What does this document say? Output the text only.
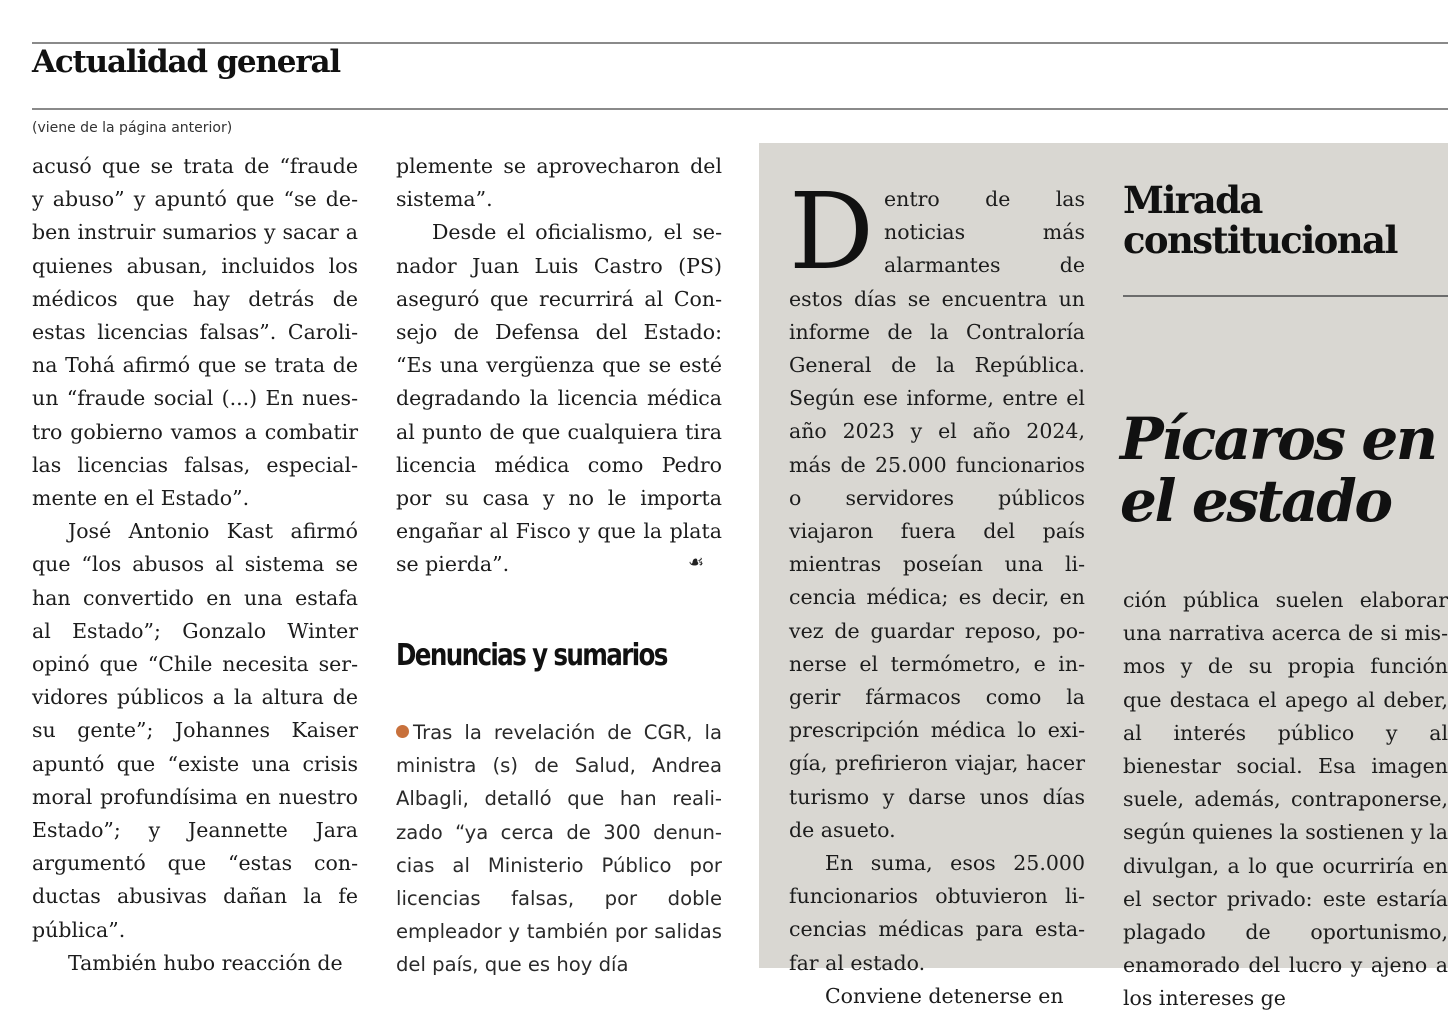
Actualidad general
(viene de la página anterior)

acusó que se trata de “fraude y abuso” y apuntó que “se deben instruir sumarios y sacar a quienes abusan, incluidos los médicos que hay detrás de estas licencias falsas”. Carolina Tohá afirmó que se trata de un “fraude social (...) En nuestro gobierno vamos a combatir las licencias falsas, especialmente en el Estado”.

José Antonio Kast afirmó que “los abusos al sistema se han convertido en una estafa al Estado”; Gonzalo Winter opinó que “Chile necesita servidores públicos a la altura de su gente”; Johannes Kaiser apuntó que “existe una crisis moral profundísima en nuestro Estado”; y Jeannette Jara argumentó que “estas conductas abusivas dañan la fe pública”.

También hubo reacción de

plemente se aprovecharon del sistema”.

Desde el oficialismo, el senador Juan Luis Castro (PS) aseguró que recurrirá al Consejo de Defensa del Estado: “Es una vergüenza que se esté degradando la licencia médica al punto de que cualquiera tira licencia médica como Pedro por su casa y no le importa engañar al Fisco y que la plata se pierda”.	☙
Denuncias y sumarios

Tras la revelación de CGR, la ministra (s) de Salud, Andrea Albagli, detalló que han realizado “ya cerca de 300 denuncias al Ministerio Público por licencias falsas, por doble empleador y también por salidas del país, que es hoy día

Dentro de las noticias más alarmantes de estos días se encuentra un informe de la Contraloría General de la República. Según ese informe, entre el año 2023 y el año 2024, más de 25.000 funcionarios o servidores públicos viajaron fuera del país mientras poseían una licencia médica; es decir, en vez de guardar reposo, ponerse el termómetro, e ingerir fármacos como la prescripción médica lo exigía, prefirieron viajar, hacer turismo y darse unos días de asueto.

En suma, esos 25.000 funcionarios obtuvieron licencias médicas para estafar al estado.

Conviene detenerse en

Mirada
constitucional
Pícaros en
el estado

ción pública suelen elaborar una narrativa acerca de si mismos y de su propia función que destaca el apego al deber, al interés público y al bienestar social. Esa imagen suele, además, contraponerse, según quienes la sostienen y la divulgan, a lo que ocurriría en el sector privado: este estaría plagado de oportunismo, enamorado del lucro y ajeno a los intereses ge
